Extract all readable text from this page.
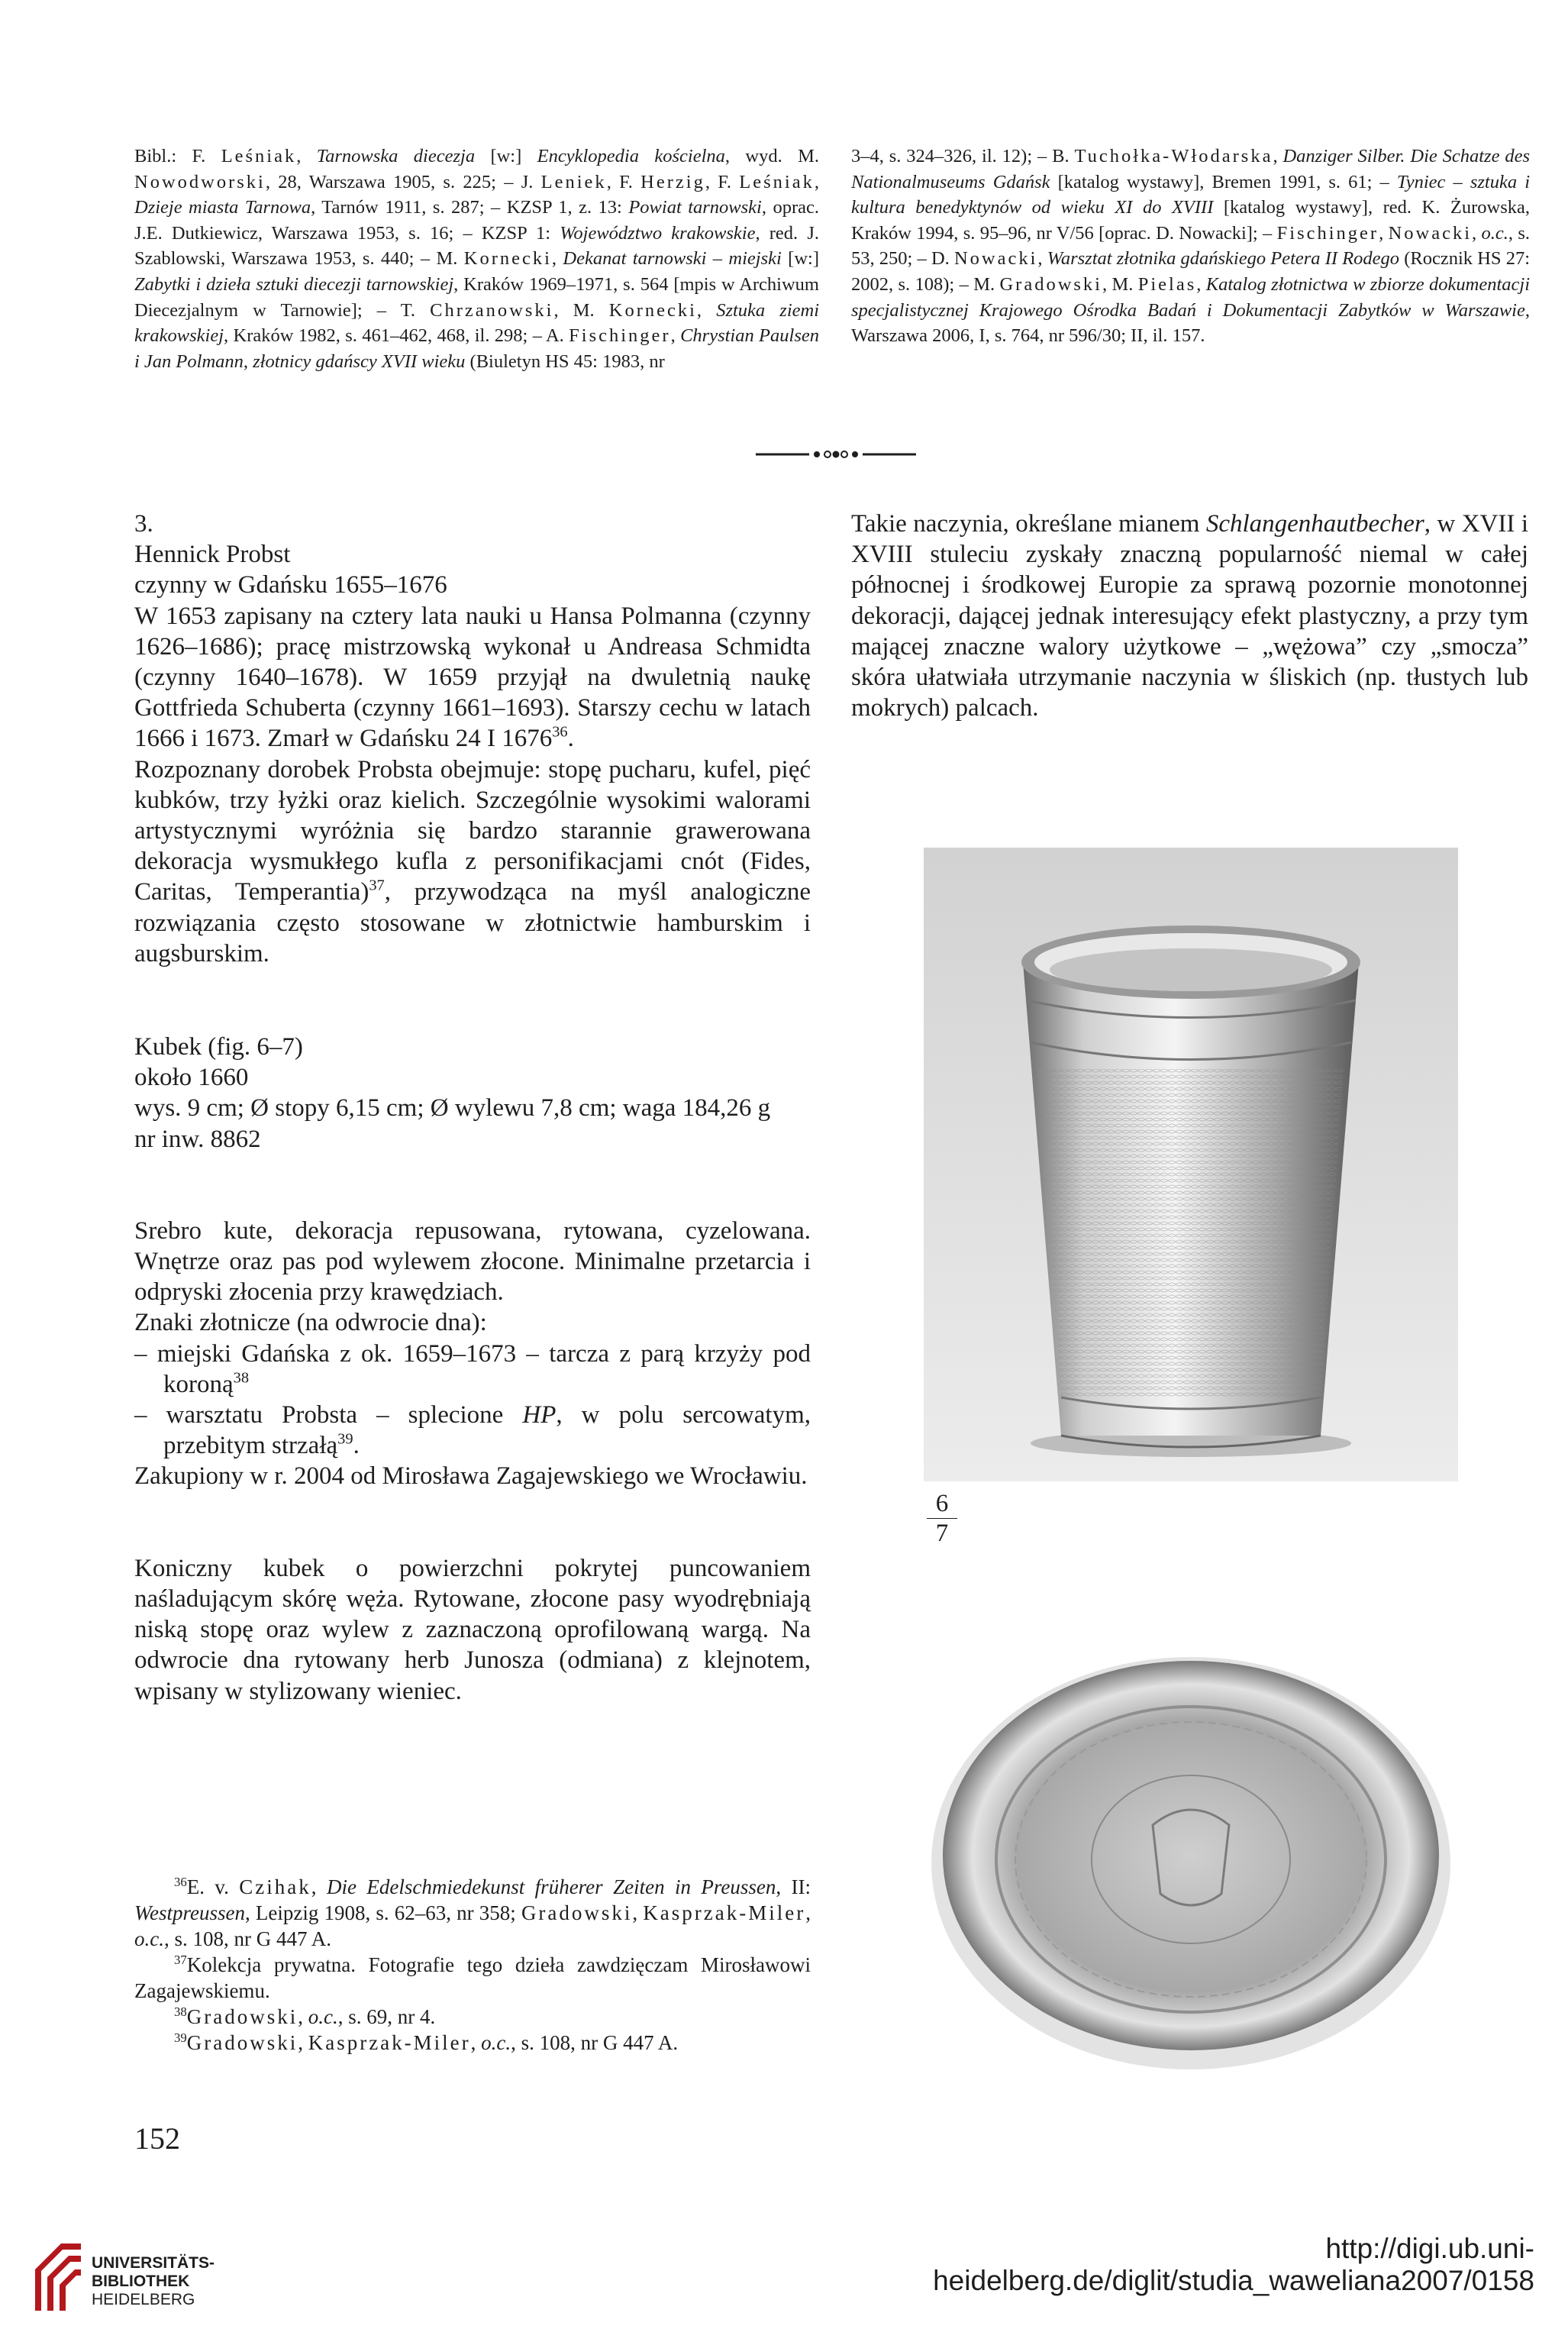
Bibl.: F. Leśniak, Tarnowska diecezja [w:] Encyklopedia kościelna, wyd. M. Nowodworski, 28, Warszawa 1905, s. 225; – J. Leniek, F. Herzig, F. Leśniak, Dzieje miasta Tarnowa, Tarnów 1911, s. 287; – KZSP 1, z. 13: Powiat tarnowski, oprac. J.E. Dutkiewicz, Warszawa 1953, s. 16; – KZSP 1: Województwo krakowskie, red. J. Szablowski, Warszawa 1953, s. 440; – M. Kornecki, Dekanat tarnowski – miejski [w:] Zabytki i dzieła sztuki diecezji tarnowskiej, Kraków 1969–1971, s. 564 [mpis w Archiwum Diecezjalnym w Tarnowie]; – T. Chrzanowski, M. Kornecki, Sztuka ziemi krakowskiej, Kraków 1982, s. 461–462, 468, il. 298; – A. Fischinger, Chrystian Paulsen i Jan Polmann, złotnicy gdańscy XVII wieku (Biuletyn HS 45: 1983, nr

3–4, s. 324–326, il. 12); – B. Tuchołka-Włodarska, Danziger Silber. Die Schatze des Nationalmuseums Gdańsk [katalog wystawy], Bremen 1991, s. 61; – Tyniec – sztuka i kultura benedyktynów od wieku XI do XVIII [katalog wystawy], red. K. Żurowska, Kraków 1994, s. 95–96, nr V/56 [oprac. D. Nowacki]; – Fischinger, Nowacki, o.c., s. 53, 250; – D. Nowacki, Warsztat złotnika gdańskiego Petera II Rodego (Rocznik HS 27: 2002, s. 108); – M. Gradowski, M. Pielas, Katalog złotnictwa w zbiorze dokumentacji specjalistycznej Krajowego Ośrodka Badań i Dokumentacji Zabytków w Warszawie, Warszawa 2006, I, s. 764, nr 596/30; II, il. 157.

3.

Hennick Probst

czynny w Gdańsku 1655–1676

W 1653 zapisany na cztery lata nauki u Hansa Polmanna (czynny 1626–1686); pracę mistrzowską wykonał u Andreasa Schmidta (czynny 1640–1678). W 1659 przyjął na dwuletnią naukę Gottfrieda Schuberta (czynny 1661–1693). Starszy cechu w latach 1666 i 1673. Zmarł w Gdańsku 24 I 1676$^{36}$.

Rozpoznany dorobek Probsta obejmuje: stopę pucharu, kufel, pięć kubków, trzy łyżki oraz kielich. Szczególnie wysokimi walorami artystycznymi wyróżnia się bardzo starannie grawerowana dekoracja wysmukłego kufla z personifikacjami cnót (Fides, Caritas, Temperantia)$^{37}$, przywodząca na myśl analogiczne rozwiązania często stosowane w złotnictwie hamburskim i augsburskim.

Kubek (fig. 6–7)

około 1660

wys. 9 cm; Ø stopy 6,15 cm; Ø wylewu 7,8 cm; waga 184,26 g

nr inw. 8862

Srebro kute, dekoracja repusowana, rytowana, cyzelowana. Wnętrze oraz pas pod wylewem złocone. Minimalne przetarcia i odpryski złocenia przy krawędziach.

Znaki złotnicze (na odwrocie dna):

– miejski Gdańska z ok. 1659–1673 – tarcza z parą krzyży pod koroną$^{38}$

– warsztatu Probsta – splecione HP, w polu sercowatym, przebitym strzałą$^{39}$.

Zakupiony w r. 2004 od Mirosława Zagajewskiego we Wrocławiu.

Koniczny kubek o powierzchni pokrytej puncowaniem naśladującym skórę węża. Rytowane, złocone pasy wyodrębniają niską stopę oraz wylew z zaznaczoną oprofilowaną wargą. Na odwrocie dna rytowany herb Junosza (odmiana) z klejnotem, wpisany w stylizowany wieniec.

Takie naczynia, określane mianem Schlangenhautbecher, w XVII i XVIII stuleciu zyskały znaczną popularność niemal w całej północnej i środkowej Europie za sprawą pozornie monotonnej dekoracji, dającej jednak interesujący efekt plastyczny, a przy tym mającej znaczne walory użytkowe – „wężowa” czy „smocza” skóra ułatwiała utrzymanie naczynia w śliskich (np. tłustych lub mokrych) palcach.

6
7

$^{36}$E. v. Czihak, Die Edelschmiedekunst früherer Zeiten in Preussen, II: Westpreussen, Leipzig 1908, s. 62–63, nr 358; Gradowski, Kasprzak-Miler, o.c., s. 108, nr G 447 A.

$^{37}$Kolekcja prywatna. Fotografie tego dzieła zawdzięczam Mirosławowi Zagajewskiemu.

$^{38}$Gradowski, o.c., s. 69, nr 4.

$^{39}$Gradowski, Kasprzak-Miler, o.c., s. 108, nr G 447 A.

152
UNIVERSITÄTS-
BIBLIOTHEK
HEIDELBERG
http://digi.ub.uni-heidelberg.de/diglit/studia_waweliana2007/0158
